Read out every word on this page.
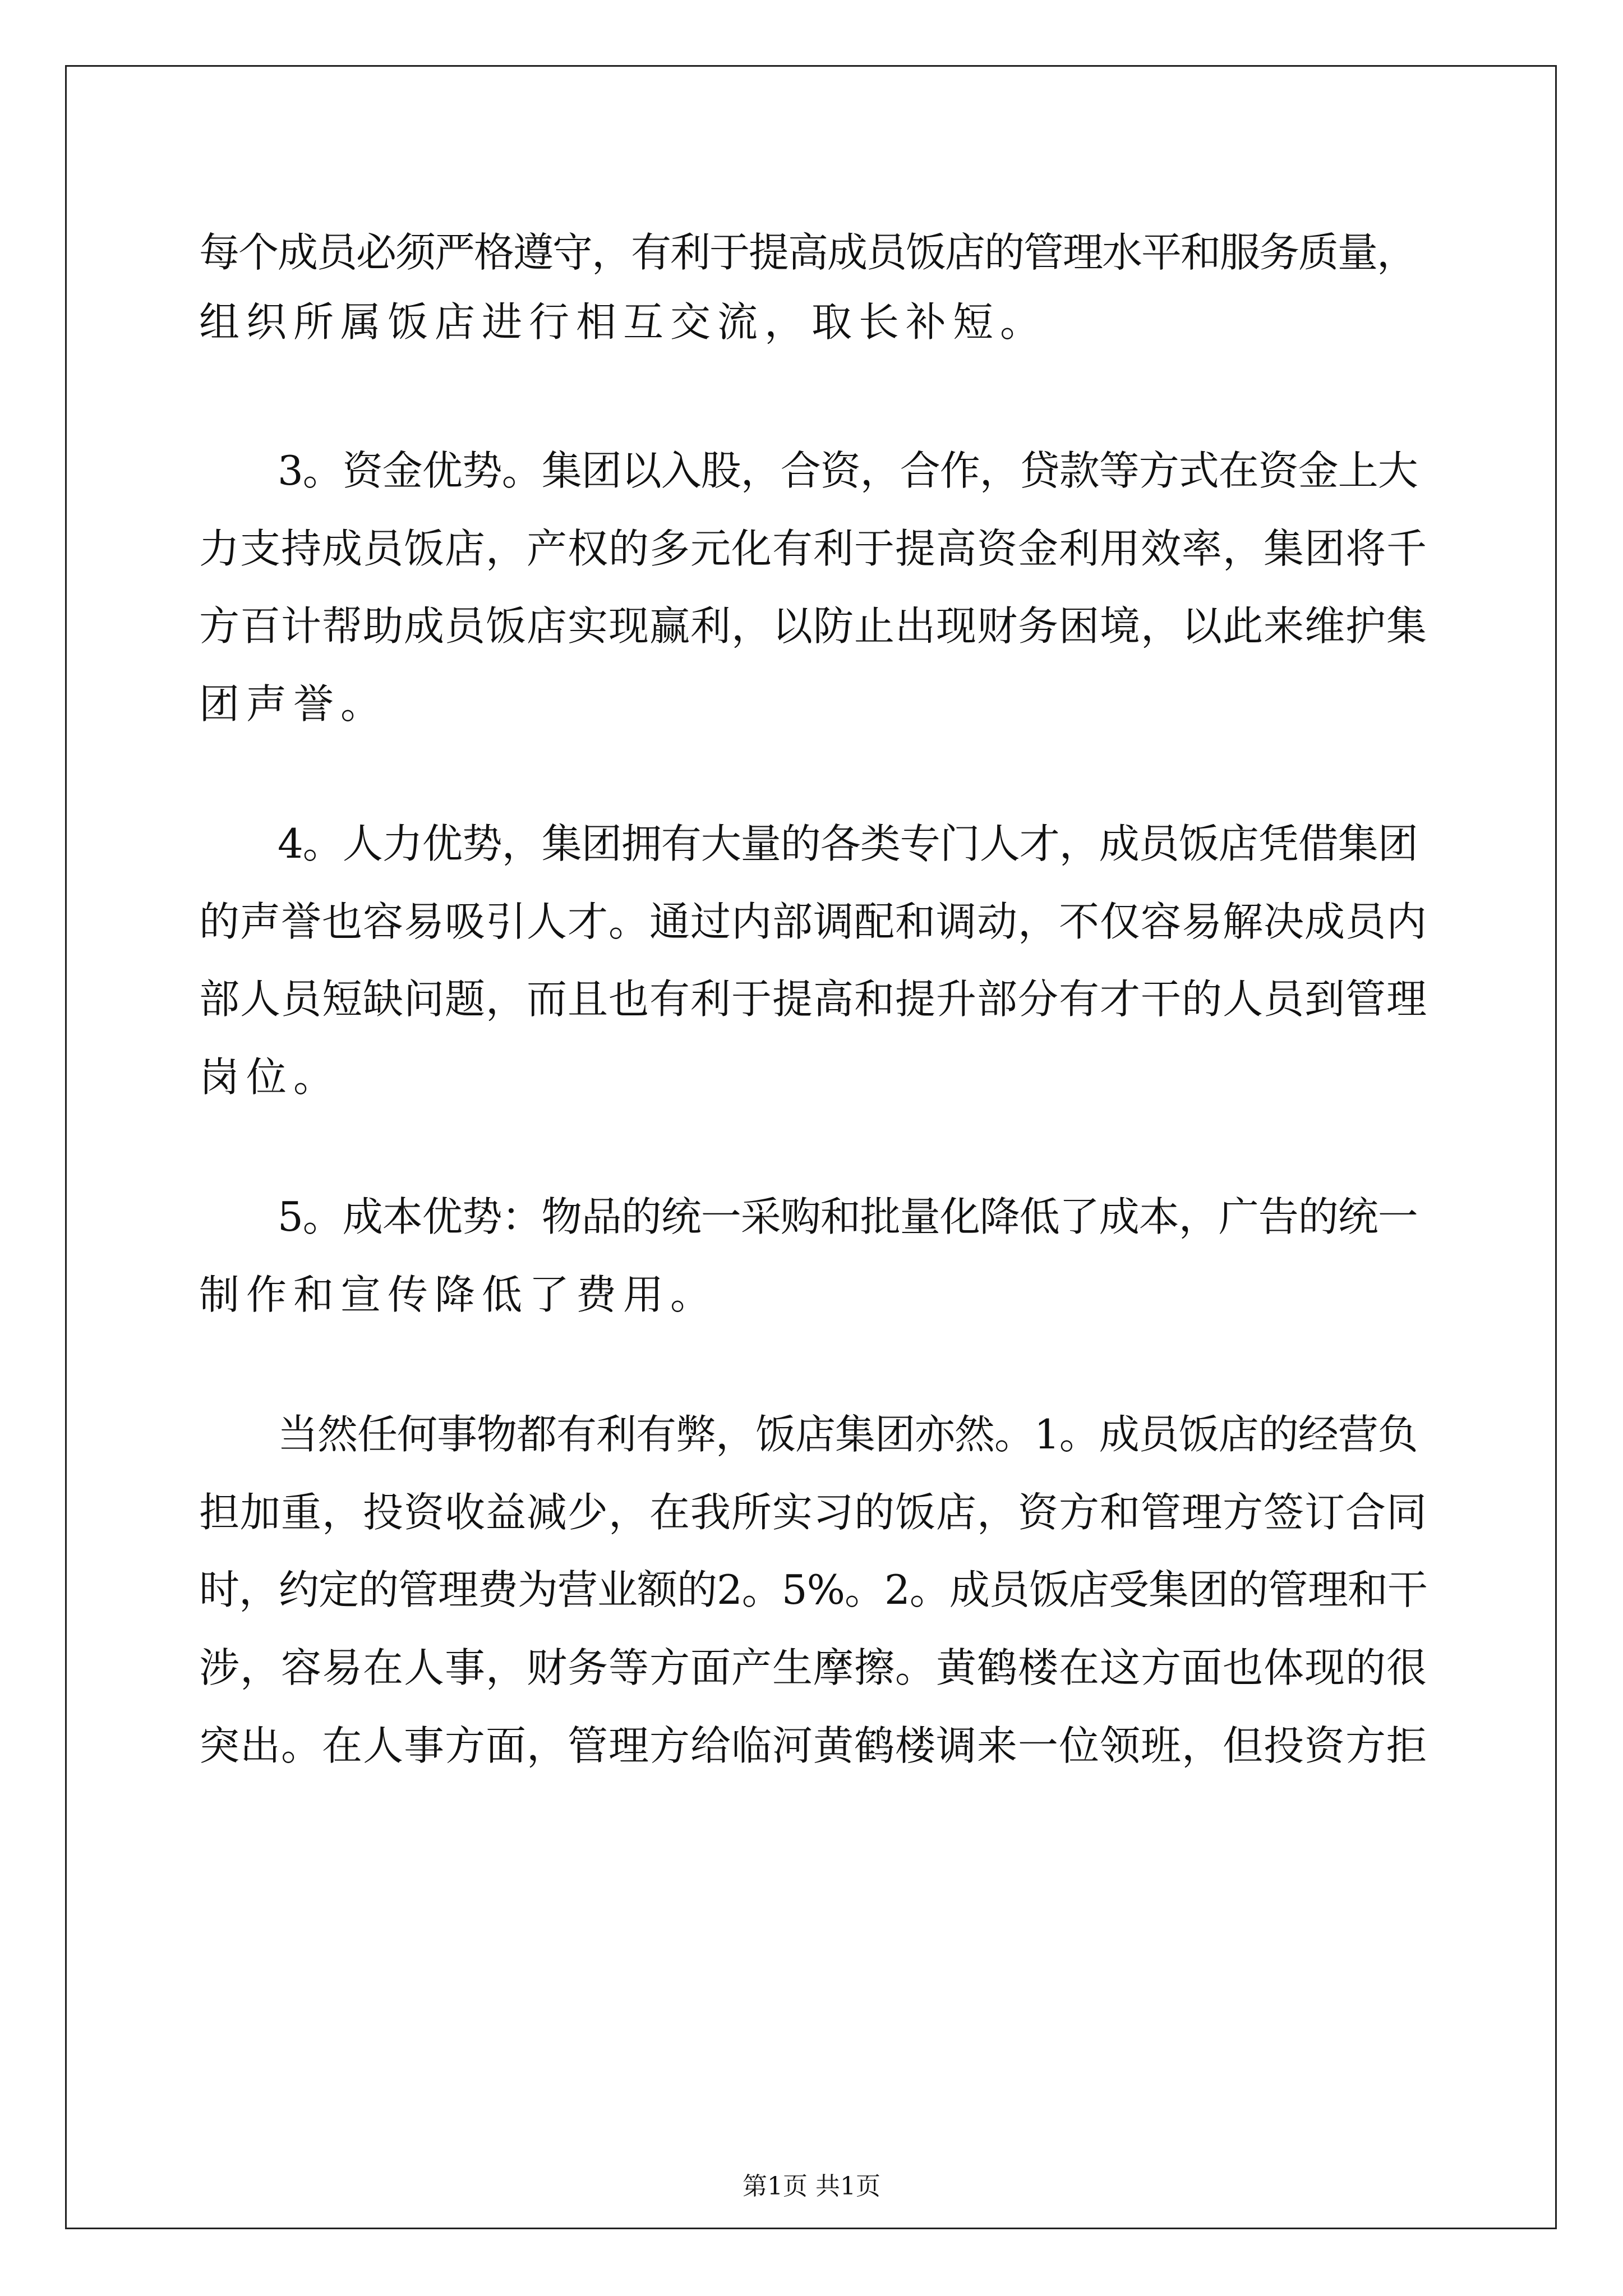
每个成员必须严格遵守，有利于提高成员饭店的管理水平和服务质量，
组织所属饭店进行相互交流，取长补短。
3。资金优势。集团以入股，合资，合作，贷款等方式在资金上大
力支持成员饭店，产权的多元化有利于提高资金利用效率，集团将千
方百计帮助成员饭店实现赢利，以防止出现财务困境，以此来维护集
团声誉。
4。人力优势，集团拥有大量的各类专门人才，成员饭店凭借集团
的声誉也容易吸引人才。通过内部调配和调动，不仅容易解决成员内
部人员短缺问题，而且也有利于提高和提升部分有才干的人员到管理
岗位。
5。成本优势：物品的统一采购和批量化降低了成本，广告的统一
制作和宣传降低了费用。
当然任何事物都有利有弊，饭店集团亦然。1。成员饭店的经营负
担加重，投资收益减少，在我所实习的饭店，资方和管理方签订合同
时，约定的管理费为营业额的2。5%。2。成员饭店受集团的管理和干
涉，容易在人事，财务等方面产生摩擦。黄鹤楼在这方面也体现的很
突出。在人事方面，管理方给临河黄鹤楼调来一位领班，但投资方拒
第1页 共1页
